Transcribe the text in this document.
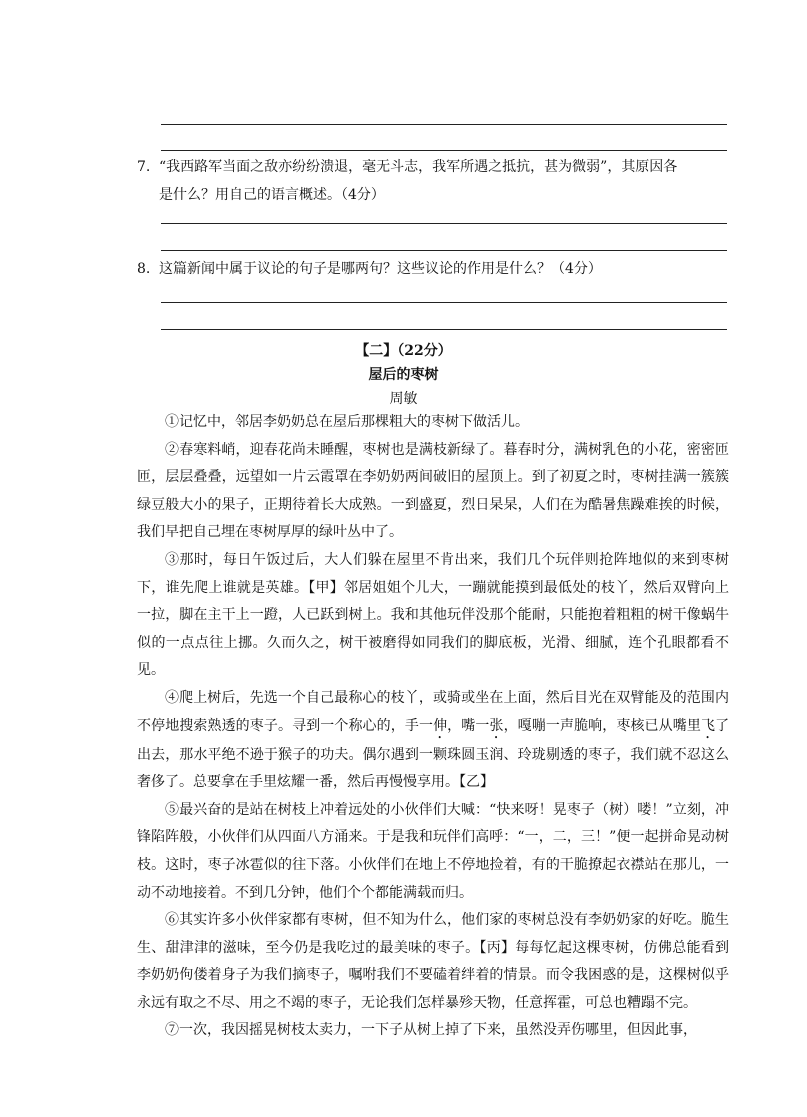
7. “我西路军当面之敌亦纷纷溃退，毫无斗志，我军所遇之抵抗，甚为微弱”，其原因各
是什么？用自己的语言概述。（4分）
8. 这篇新闻中属于议论的句子是哪两句？这些议论的作用是什么？（4分）
【二】（22分）
屋后的枣树
周敏

①记忆中，邻居李奶奶总在屋后那棵粗大的枣树下做活儿。

②春寒料峭，迎春花尚未睡醒，枣树也是满枝新绿了。暮春时分，满树乳色的小花，密密匝匝，层层叠叠，远望如一片云霞罩在李奶奶两间破旧的屋顶上。到了初夏之时，枣树挂满一簇簇绿豆般大小的果子，正期待着长大成熟。一到盛夏，烈日杲杲，人们在为酷暑焦躁难挨的时候，我们早把自己埋在枣树厚厚的绿叶丛中了。

③那时，每日午饭过后，大人们躲在屋里不肯出来，我们几个玩伴则抢阵地似的来到枣树下，谁先爬上谁就是英雄。【甲】邻居姐姐个儿大，一蹦就能摸到最低处的枝丫，然后双臂向上一拉，脚在主干上一蹬，人已跃到树上。我和其他玩伴没那个能耐，只能抱着粗粗的树干像蜗牛似的一点点往上挪。久而久之，树干被磨得如同我们的脚底板，光滑、细腻，连个孔眼都看不见。

④爬上树后，先选一个自己最称心的枝丫，或骑或坐在上面，然后目光在双臂能及的范围内不停地搜索熟透的枣子。寻到一个称心的，手一伸，嘴一张，嘎嘣一声脆响，枣核已从嘴里飞了出去，那水平绝不逊于猴子的功夫。偶尔遇到一颗珠圆玉润、玲珑剔透的枣子，我们就不忍这么奢侈了。总要拿在手里炫耀一番，然后再慢慢享用。【乙】

⑤最兴奋的是站在树枝上冲着远处的小伙伴们大喊：“快来呀！晃枣子（树）喽！”立刻，冲锋陷阵般，小伙伴们从四面八方涌来。于是我和玩伴们高呼：“一，二，三！”便一起拼命晃动树枝。这时，枣子冰雹似的往下落。小伙伴们在地上不停地捡着，有的干脆撩起衣襟站在那儿，一动不动地接着。不到几分钟，他们个个都能满载而归。

⑥其实许多小伙伴家都有枣树，但不知为什么，他们家的枣树总没有李奶奶家的好吃。脆生生、甜津津的滋味，至今仍是我吃过的最美味的枣子。【丙】每每忆起这棵枣树，仿佛总能看到李奶奶佝偻着身子为我们摘枣子，嘱咐我们不要磕着绊着的情景。而令我困惑的是，这棵树似乎永远有取之不尽、用之不竭的枣子，无论我们怎样暴殄天物，任意挥霍，可总也糟蹋不完。

⑦一次，我因摇晃树枝太卖力，一下子从树上掉了下来，虽然没弄伤哪里，但因此事，
